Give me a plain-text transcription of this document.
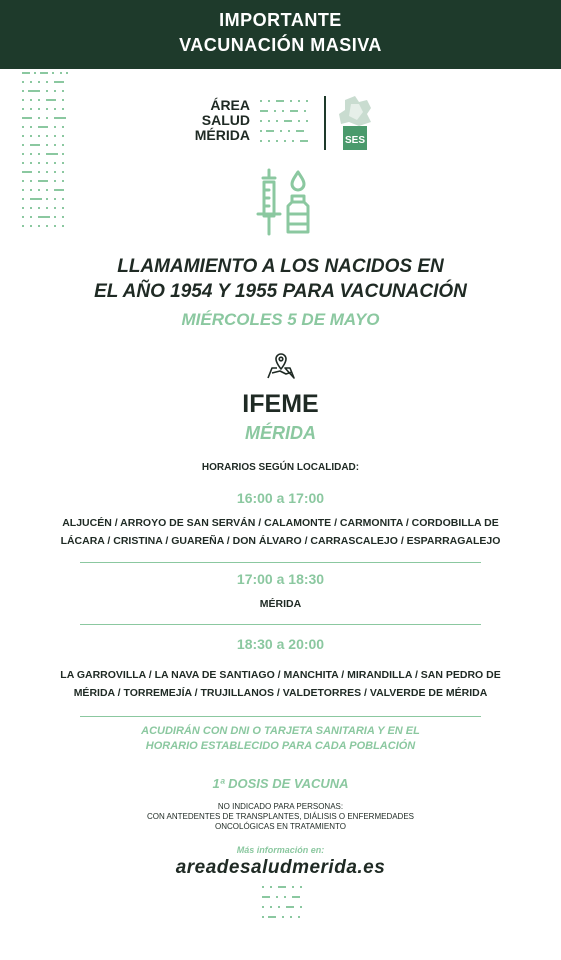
IMPORTANTE
VACUNACIÓN MASIVA
ÁREA
SALUD
MÉRIDA	SES
LLAMAMIENTO A LOS NACIDOS EN
EL AÑO 1954 Y 1955 PARA VACUNACIÓN
MIÉRCOLES 5 DE MAYO
IFEME
MÉRIDA
HORARIOS SEGÚN LOCALIDAD:
16:00 a 17:00
ALJUCÉN / ARROYO DE SAN SERVÁN / CALAMONTE / CARMONITA / CORDOBILLA DE
LÁCARA / CRISTINA / GUAREÑA / DON ÁLVARO / CARRASCALEJO / ESPARRAGALEJO
17:00 a 18:30
MÉRIDA
18:30 a 20:00
LA GARROVILLA / LA NAVA DE SANTIAGO / MANCHITA / MIRANDILLA / SAN PEDRO DE
MÉRIDA / TORREMEJÍA / TRUJILLANOS / VALDETORRES / VALVERDE DE MÉRIDA
ACUDIRÁN CON DNI O TARJETA SANITARIA Y EN EL
HORARIO ESTABLECIDO PARA CADA POBLACIÓN
1ª DOSIS DE VACUNA
NO INDICADO PARA PERSONAS:
CON ANTEDENTES DE TRANSPLANTES, DIÁLISIS O ENFERMEDADES
ONCOLÓGICAS EN TRATAMIENTO
Más información en:
areadesaludmerida.es
